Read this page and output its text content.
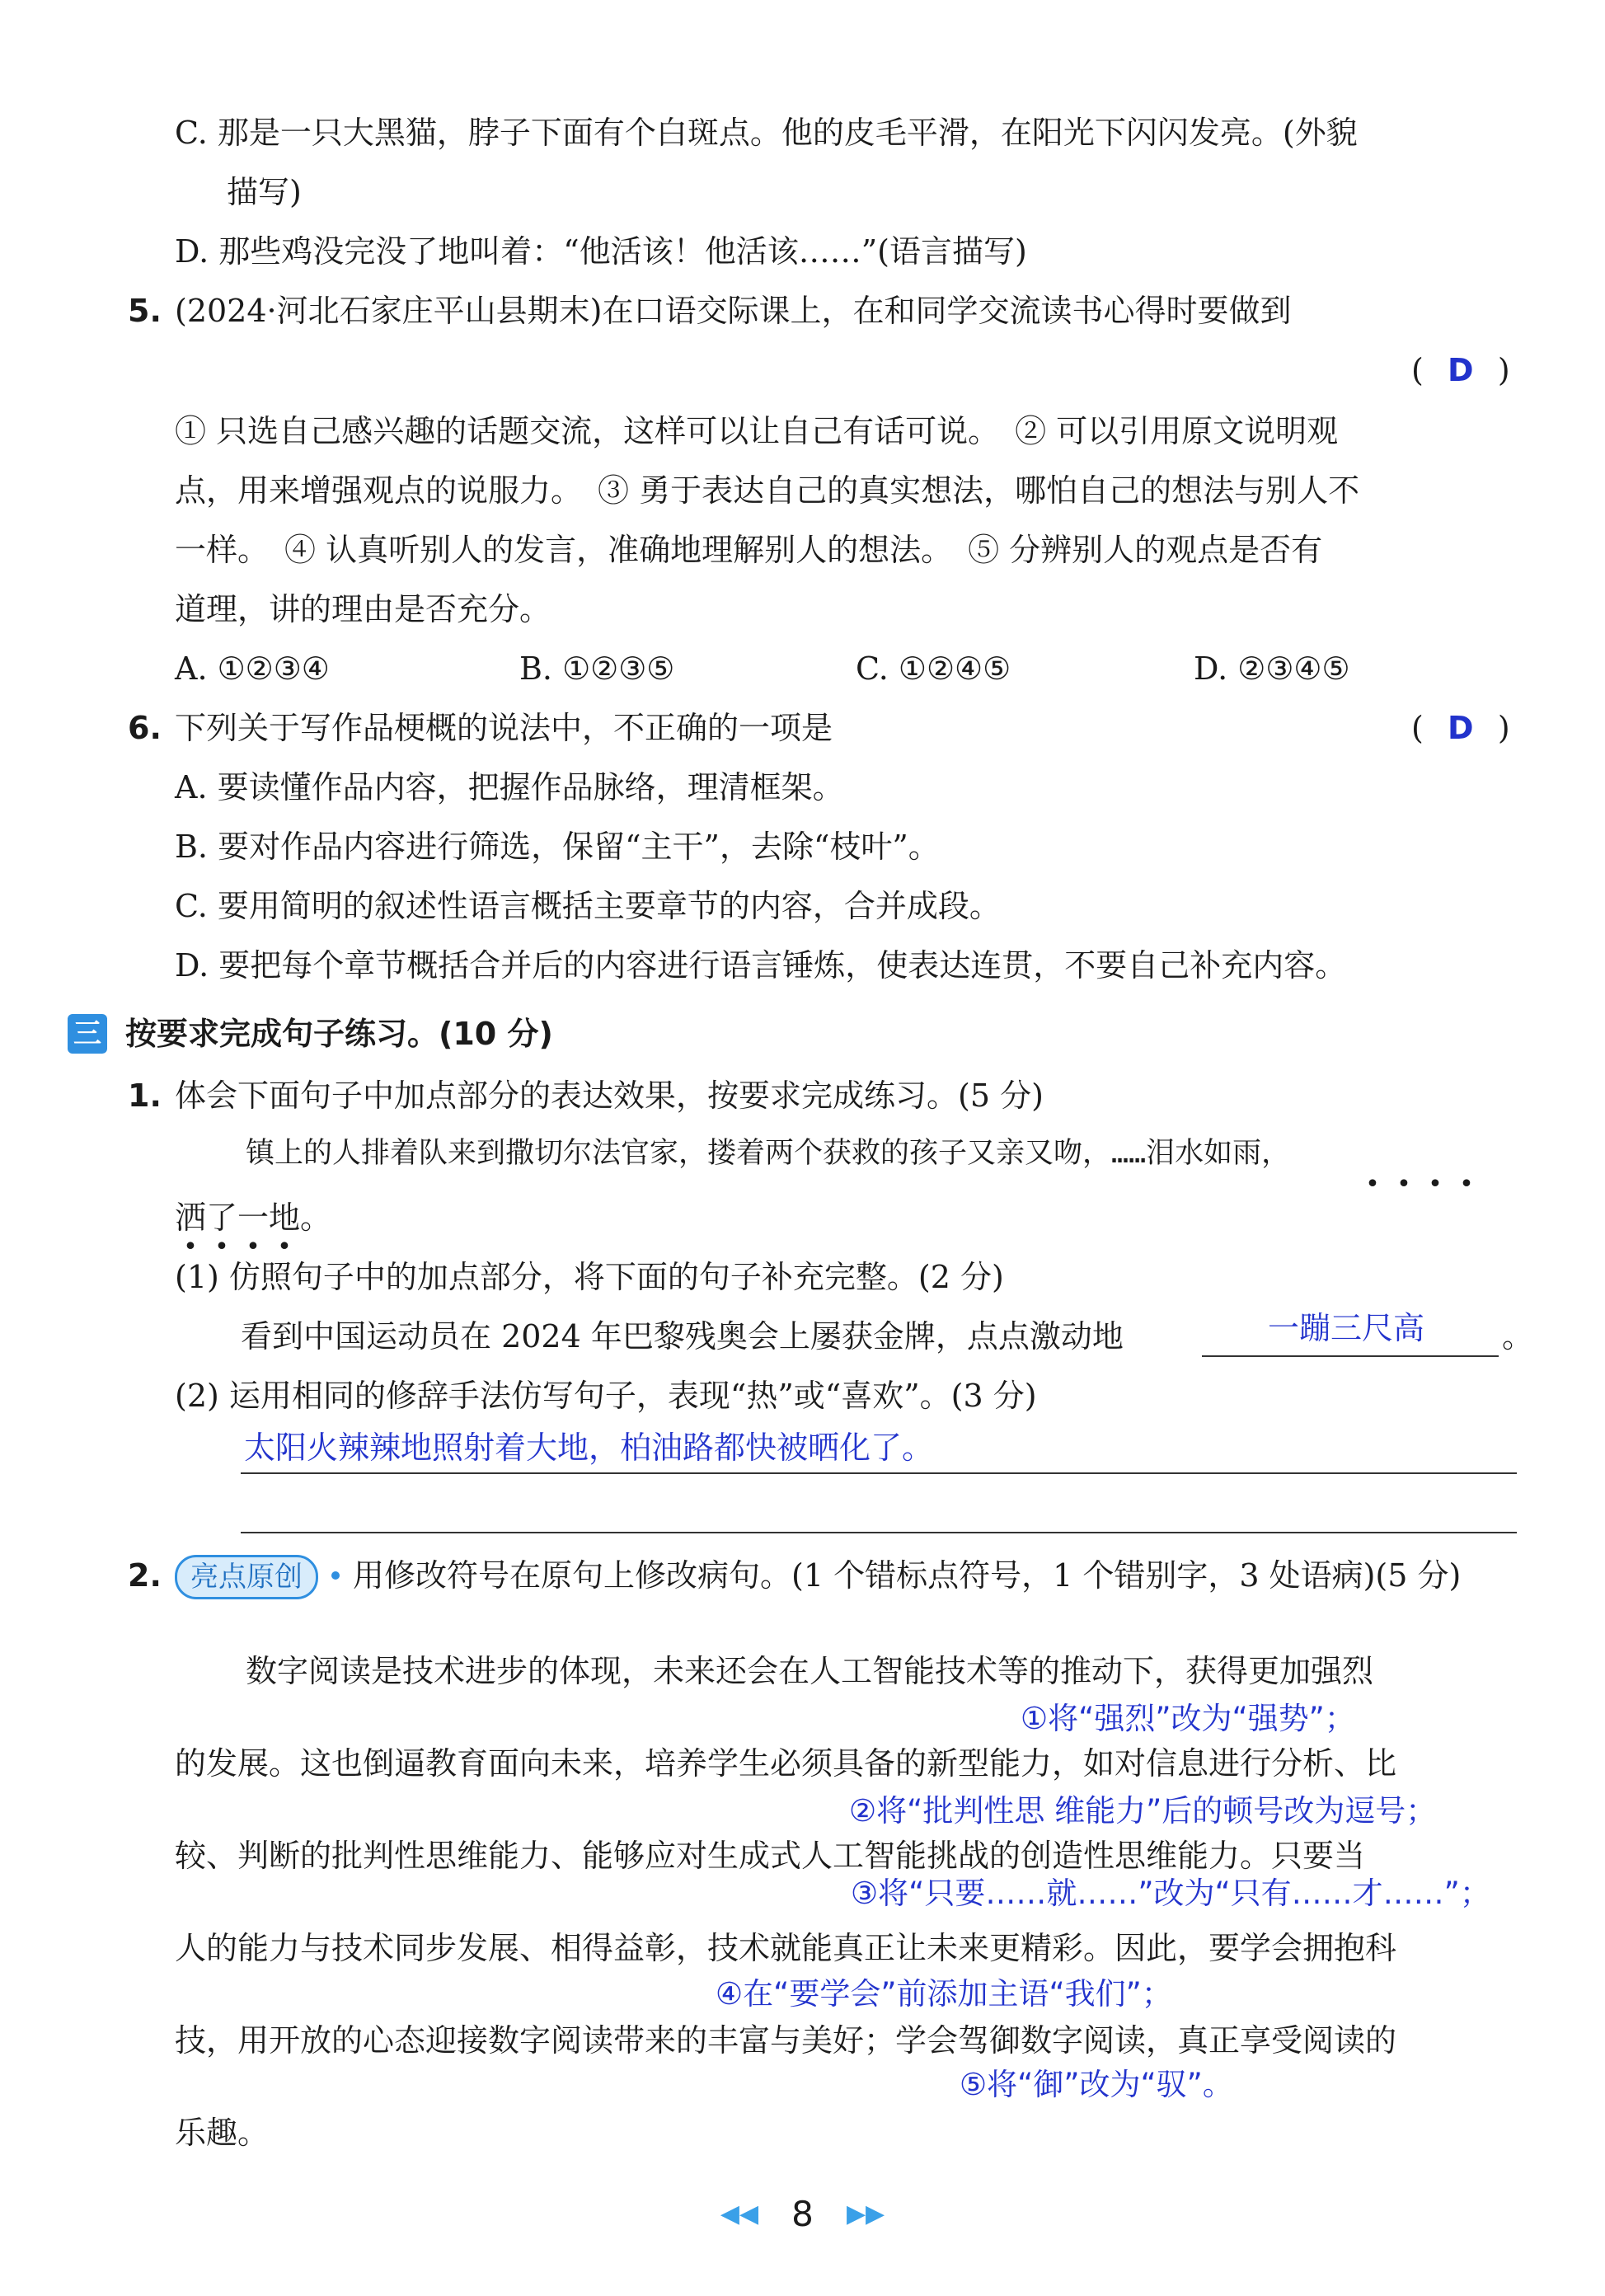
C. 那是一只大黑猫，脖子下面有个白斑点。他的皮毛平滑，在阳光下闪闪发亮。(外貌
描写)
D. 那些鸡没完没了地叫着：“他活该！他活该……”(语言描写)
5. (2024·河北石家庄平山县期末)在口语交际课上，在和同学交流读书心得时要做到
( D )
① 只选自己感兴趣的话题交流，这样可以让自己有话可说。　② 可以引用原文说明观
点，用来增强观点的说服力。　③ 勇于表达自己的真实想法，哪怕自己的想法与别人不
一样。　④ 认真听别人的发言，准确地理解别人的想法。　⑤ 分辨别人的观点是否有
道理，讲的理由是否充分。
A. ①②③④	B. ①②③⑤	C. ①②④⑤	D. ②③④⑤
6. 下列关于写作品梗概的说法中，不正确的一项是	( D )
A. 要读懂作品内容，把握作品脉络，理清框架。
B. 要对作品内容进行筛选，保留“主干”，去除“枝叶”。
C. 要用简明的叙述性语言概括主要章节的内容，合并成段。
D. 要把每个章节概括合并后的内容进行语言锤炼，使表达连贯，不要自己补充内容。
三 按要求完成句子练习。(10 分)
1. 体会下面句子中加点部分的表达效果，按要求完成练习。(5 分)
镇上的人排着队来到撒切尔法官家，搂着两个获救的孩子又亲又吻，……泪水如雨，
• • • •
洒了一地。
• • • •
(1) 仿照句子中的加点部分，将下面的句子补充完整。(2 分)
看到中国运动员在 2024 年巴黎残奥会上屡获金牌，点点激动地	一蹦三尺高 。
(2) 运用相同的修辞手法仿写句子，表现“热”或“喜欢”。(3 分)
太阳火辣辣地照射着大地，柏油路都快被晒化了。
2.	亮点原创	用修改符号在原句上修改病句。(1 个错标点符号，1 个错别字，3 处语病)(5 分)
数字阅读是技术进步的体现，未来还会在人工智能技术等的推动下，获得更加强烈
①将“强烈”改为“强势”；
的发展。这也倒逼教育面向未来，培养学生必须具备的新型能力，如对信息进行分析、比
②将“批判性思 维能力”后的顿号改为逗号；
较、判断的批判性思维能力、能够应对生成式人工智能挑战的创造性思维能力。只要当
③将“只要……就……”改为“只有……才……”；
人的能力与技术同步发展、相得益彰，技术就能真正让未来更精彩。因此，要学会拥抱科
④在“要学会”前添加主语“我们”；
技，用开放的心态迎接数字阅读带来的丰富与美好；学会驾御数字阅读，真正享受阅读的
⑤将“御”改为“驭”。
乐趣。
◀◀ 8 ▶▶
